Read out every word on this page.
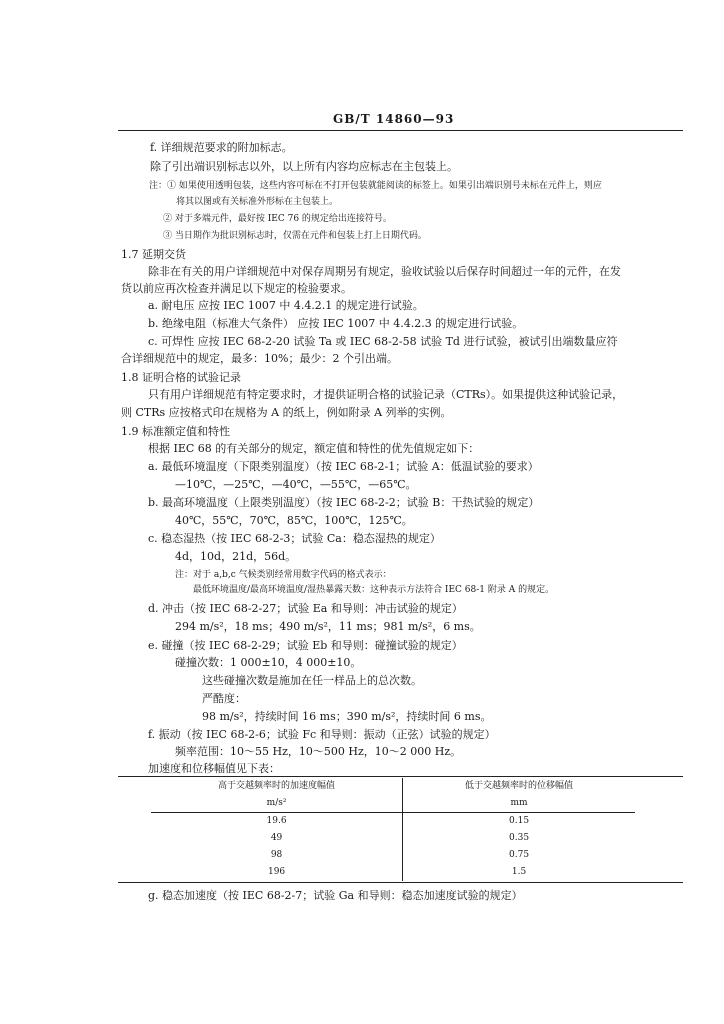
GB/T 14860—93
f. 详细规范要求的附加标志。
除了引出端识别标志以外，以上所有内容均应标志在主包装上。
注：① 如果使用透明包装，这些内容可标在不打开包装就能阅读的标签上。如果引出端识别号未标在元件上，则应
将其以图或有关标准外形标在主包装上。
② 对于多端元件，最好按 IEC 76 的规定给出连接符号。
③ 当日期作为批识别标志时，仅需在元件和包装上打上日期代码。
1.7 延期交货
除非在有关的用户详细规范中对保存周期另有规定，验收试验以后保存时间超过一年的元件，在发
货以前应再次检查并满足以下规定的检验要求。
a. 耐电压 应按 IEC 1007 中 4.4.2.1 的规定进行试验。
b. 绝缘电阻（标准大气条件） 应按 IEC 1007 中 4.4.2.3 的规定进行试验。
c. 可焊性 应按 IEC 68-2-20 试验 Ta 或 IEC 68-2-58 试验 Td 进行试验，被试引出端数量应符
合详细规范中的规定，最多：10%；最少：2 个引出端。
1.8 证明合格的试验记录
只有用户详细规范有特定要求时，才提供证明合格的试验记录（CTRs）。如果提供这种试验记录，
则 CTRs 应按格式印在规格为 A 的纸上，例如附录 A 列举的实例。
1.9 标准额定值和特性
根据 IEC 68 的有关部分的规定，额定值和特性的优先值规定如下：
a. 最低环境温度（下限类别温度）（按 IEC 68-2-1；试验 A：低温试验的要求）
—10℃，—25℃，—40℃，—55℃，—65℃。
b. 最高环境温度（上限类别温度）（按 IEC 68-2-2；试验 B：干热试验的规定）
40℃，55℃，70℃，85℃，100℃，125℃。
c. 稳态湿热（按 IEC 68-2-3；试验 Ca：稳态湿热的规定）
4d，10d，21d，56d。
注：对于 a,b,c 气候类别经常用数字代码的格式表示：
最低环境温度/最高环境温度/湿热暴露天数：这种表示方法符合 IEC 68-1 附录 A 的规定。
d. 冲击（按 IEC 68-2-27；试验 Ea 和导则：冲击试验的规定）
294 m/s²，18 ms；490 m/s²，11 ms；981 m/s²，6 ms。
e. 碰撞（按 IEC 68-2-29；试验 Eb 和导则：碰撞试验的规定）
碰撞次数：1 000±10，4 000±10。
这些碰撞次数是施加在任一样品上的总次数。
严酷度：
98 m/s²，持续时间 16 ms；390 m/s²，持续时间 6 ms。
f. 振动（按 IEC 68-2-6；试验 Fc 和导则：振动（正弦）试验的规定）
频率范围：10～55 Hz，10～500 Hz，10～2 000 Hz。
加速度和位移幅值见下表：
高于交越频率时的加速度幅值	低于交越频率时的位移幅值
m/s²	mm
19.6	0.15
49	0.35
98	0.75
196	1.5
g. 稳态加速度（按 IEC 68-2-7；试验 Ga 和导则：稳态加速度试验的规定）
